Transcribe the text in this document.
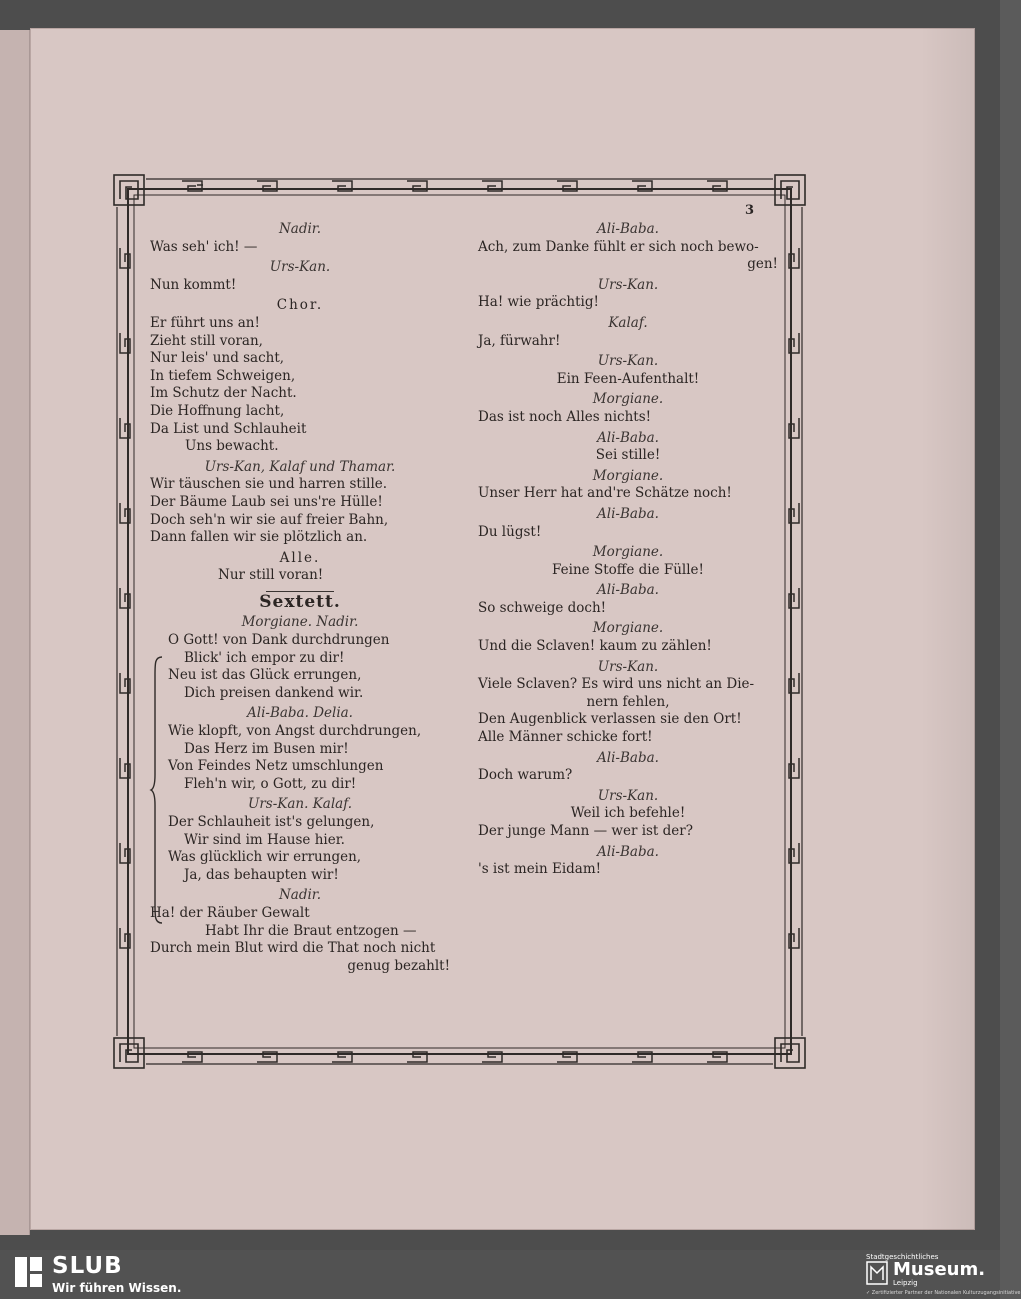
3
Nadir.
Was seh' ich! —
Urs-Kan.
Nun kommt!
Chor.
Er führt uns an!
Zieht still voran,
Nur leis' und sacht,
In tiefem Schweigen,
Im Schutz der Nacht.
Die Hoffnung lacht,
Da List und Schlauheit
Uns bewacht.
Urs-Kan, Kalaf und Thamar.
Wir täuschen sie und harren stille.
Der Bäume Laub sei uns're Hülle!
Doch seh'n wir sie auf freier Bahn,
Dann fallen wir sie plötzlich an.
Alle.
Nur still voran!
Sextett.
Morgiane. Nadir.
O Gott! von Dank durchdrungen
Blick' ich empor zu dir!
Neu ist das Glück errungen,
Dich preisen dankend wir.
Ali-Baba. Delia.
Wie klopft, von Angst durchdrungen,
Das Herz im Busen mir!
Von Feindes Netz umschlungen
Fleh'n wir, o Gott, zu dir!
Urs-Kan. Kalaf.
Der Schlauheit ist's gelungen,
Wir sind im Hause hier.
Was glücklich wir errungen,
Ja, das behaupten wir!
Nadir.
Ha! der Räuber Gewalt
Habt Ihr die Braut entzogen —
Durch mein Blut wird die That noch nicht
genug bezahlt!
Ali-Baba.
Ach, zum Danke fühlt er sich noch bewo-
gen!
Urs-Kan.
Ha! wie prächtig!
Kalaf.
Ja, fürwahr!
Urs-Kan.
Ein Feen-Aufenthalt!
Morgiane.
Das ist noch Alles nichts!
Ali-Baba.
Sei stille!
Morgiane.
Unser Herr hat and're Schätze noch!
Ali-Baba.
Du lügst!
Morgiane.
Feine Stoffe die Fülle!
Ali-Baba.
So schweige doch!
Morgiane.
Und die Sclaven! kaum zu zählen!
Urs-Kan.
Viele Sclaven? Es wird uns nicht an Die-
nern fehlen,
Den Augenblick verlassen sie den Ort!
Alle Männer schicke fort!
Ali-Baba.
Doch warum?
Urs-Kan.
Weil ich befehle!
Der junge Mann — wer ist der?
Ali-Baba.
's ist mein Eidam!
SLUB
Wir führen Wissen.
Stadtgeschichtliches
Museum.
Leipzig
✓ Zertifizierter Partner der Nationalen Kulturzugangsinitiative
